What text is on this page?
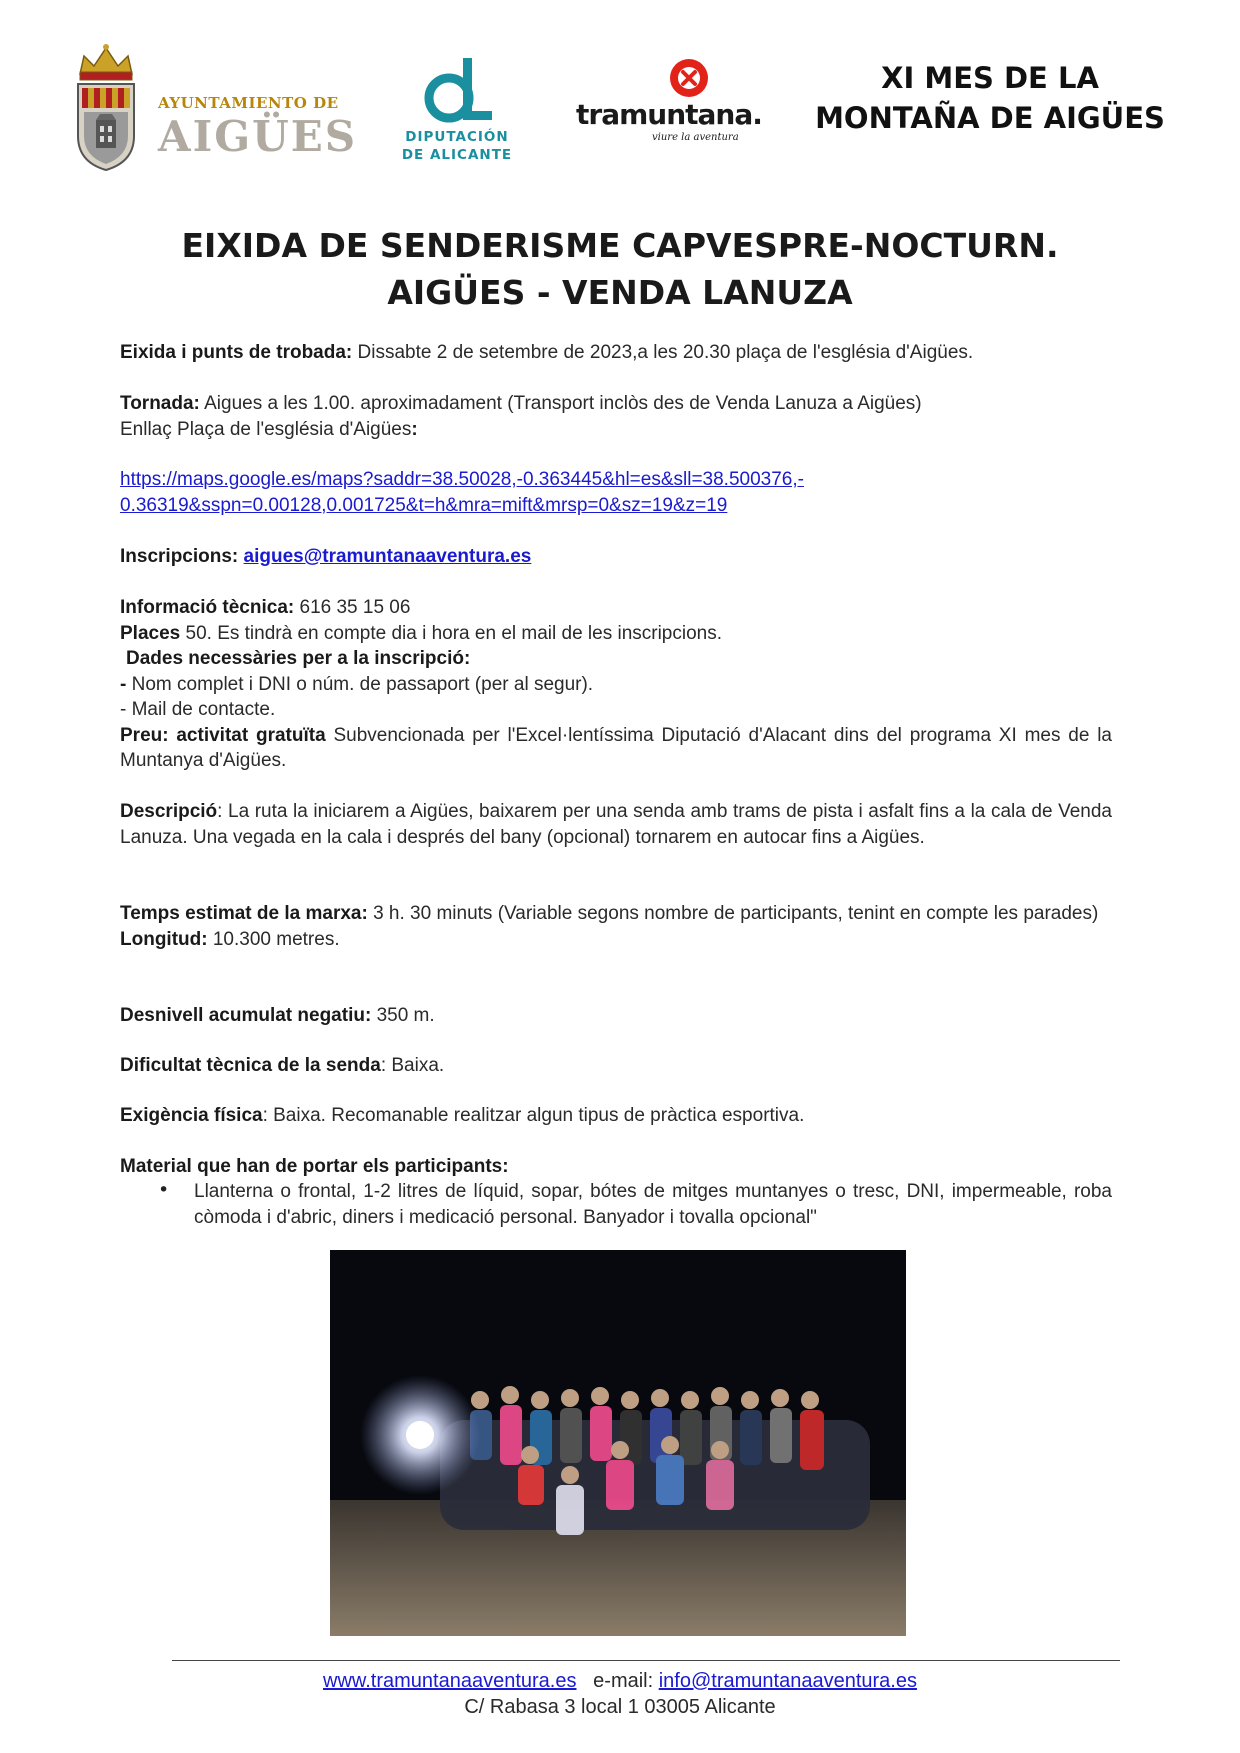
AYUNTAMIENTO DE
AIGÜES	DIPUTACIÓN
DE ALICANTE
tramuntana.
viure la aventura
XI MES DE LA
MONTAÑA DE AIGÜES
EIXIDA DE SENDERISME CAPVESPRE-NOCTURN.
AIGÜES - VENDA LANUZA
Eixida i punts de trobada: Dissabte 2 de setembre de 2023,a les 20.30 plaça de l'església d'Aigües.
Tornada: Aigues a les 1.00. aproximadament (Transport inclòs des de Venda Lanuza a Aigües)
Enllaç Plaça de l'església d'Aigües:
https://maps.google.es/maps?saddr=38.50028,-0.363445&hl=es&sll=38.500376,-
0.36319&sspn=0.00128,0.001725&t=h&mra=mift&mrsp=0&sz=19&z=19
Inscripcions: aigues@tramuntanaaventura.es
Informació tècnica: 616 35 15 06
Places 50. Es tindrà en compte dia i hora en el mail de les inscripcions.
Dades necessàries per a la inscripció:
- Nom complet i DNI o núm. de passaport (per al segur).
- Mail de contacte.
Preu: activitat gratuïta Subvencionada per l'Excel·lentíssima Diputació d'Alacant dins del programa XI mes de la Muntanya d'Aigües.
Descripció: La ruta la iniciarem a Aigües, baixarem per una senda amb trams de pista i asfalt fins a la cala de Venda Lanuza. Una vegada en la cala i després del bany (opcional) tornarem en autocar fins a Aigües.
Temps estimat de la marxa: 3 h. 30 minuts (Variable segons nombre de participants, tenint en compte les parades)
Longitud: 10.300 metres.
Desnivell acumulat negatiu: 350 m.
Dificultat tècnica de la senda: Baixa.
Exigència física: Baixa. Recomanable realitzar algun tipus de pràctica esportiva.
Material que han de portar els participants:
• Llanterna o frontal, 1-2 litres de líquid, sopar, bótes de mitges muntanyes o tresc, DNI, impermeable, roba còmoda i d'abric, diners i medicació personal. Banyador i tovalla opcional"
www.tramuntanaaventura.es   e-mail: info@tramuntanaaventura.es
C/ Rabasa 3 local 1 03005 Alicante
